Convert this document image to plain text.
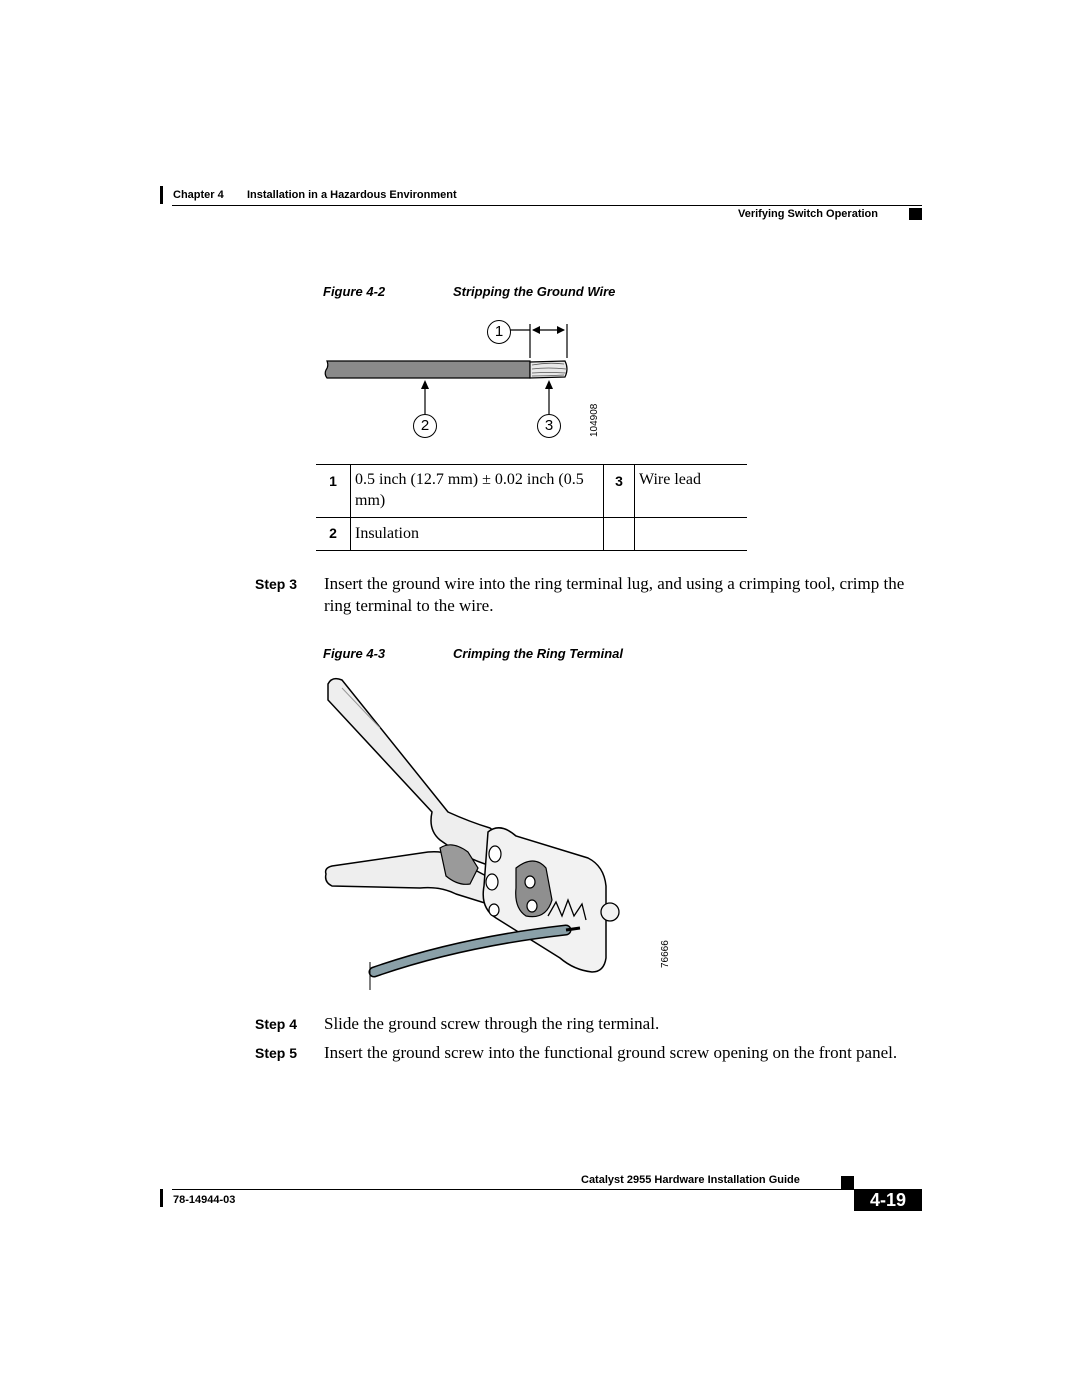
Chapter 4 Installation in a Hazardous Environment
Verifying Switch Operation
Figure 4-2	Stripping the Ground Wire
1
2	3	104908
1	0.5 inch (12.7 mm) ± 0.02 inch (0.5 mm)	3	Wire lead
2	Insulation		
Step 3 Insert the ground wire into the ring terminal lug, and using a crimping tool, crimp the ring terminal to the wire.
Figure 4-3	Crimping the Ring Terminal
76666
Step 4 Slide the ground screw through the ring terminal.
Step 5 Insert the ground screw into the functional ground screw opening on the front panel.
Catalyst 2955 Hardware Installation Guide
78-14944-03	4-19
